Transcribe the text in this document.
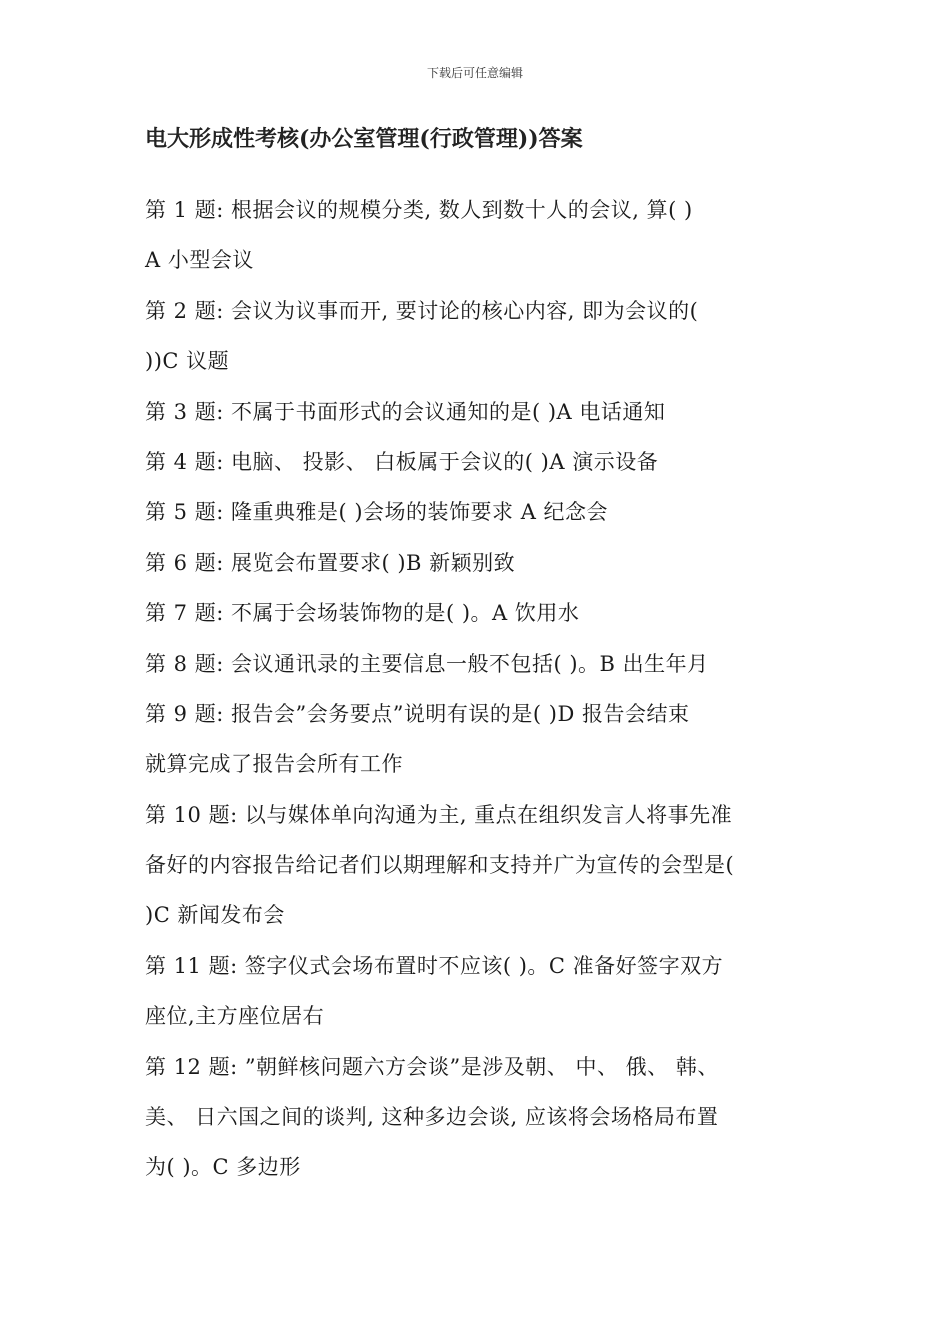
下载后可任意编辑
电大形成性考核(办公室管理(行政管理))答案
第 1 题: 根据会议的规模分类, 数人到数十人的会议, 算( )
A 小型会议
第 2 题: 会议为议事而开, 要讨论的核心内容, 即为会议的(
))C 议题
第 3 题: 不属于书面形式的会议通知的是( )A 电话通知
第 4 题: 电脑、 投影、 白板属于会议的( )A 演示设备
第 5 题: 隆重典雅是( )会场的装饰要求 A 纪念会
第 6 题: 展览会布置要求( )B 新颖别致
第 7 题: 不属于会场装饰物的是( )。A 饮用水
第 8 题: 会议通讯录的主要信息一般不包括( )。B 出生年月
第 9 题: 报告会”会务要点”说明有误的是( )D 报告会结束
就算完成了报告会所有工作
第 10 题: 以与媒体单向沟通为主, 重点在组织发言人将事先准
备好的内容报告给记者们以期理解和支持并广为宣传的会型是(
)C 新闻发布会
第 11 题: 签字仪式会场布置时不应该( )。C 准备好签字双方
座位,主方座位居右
第 12 题: ”朝鲜核问题六方会谈”是涉及朝、 中、 俄、 韩、
美、 日六国之间的谈判, 这种多边会谈, 应该将会场格局布置
为( )。C 多边形
